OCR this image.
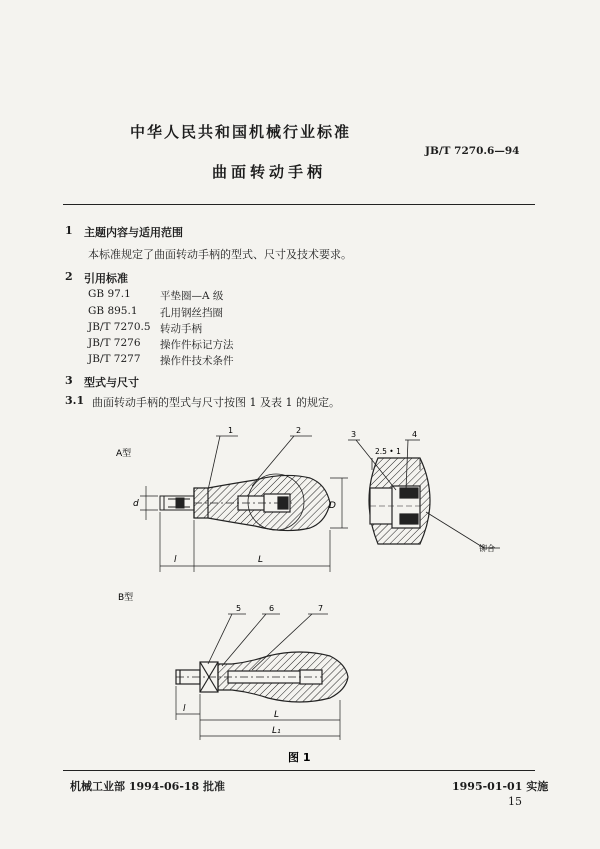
中华人民共和国机械行业标准
JB/T 7270.6—94
曲面转动手柄
1 主题内容与适用范围
本标准规定了曲面转动手柄的型式、尺寸及技术要求。
2 引用标准
GB 97.1	平垫圈—A 级
GB 895.1 孔用钢丝挡圈
JB/T 7270.5 转动手柄
JB/T 7276 操作件标记方法
JB/T 7277 操作件技术条件
3 型式与尺寸
3.1 曲面转动手柄的型式与尺寸按图 1 及表 1 的规定。
A型
1	2
d	D
l	L
3	4
2.5 • 1
铆合
B型
5	6	7
l
L
L₁
图 1
机械工业部 1994-06-18 批准	1995-01-01 实施
15
